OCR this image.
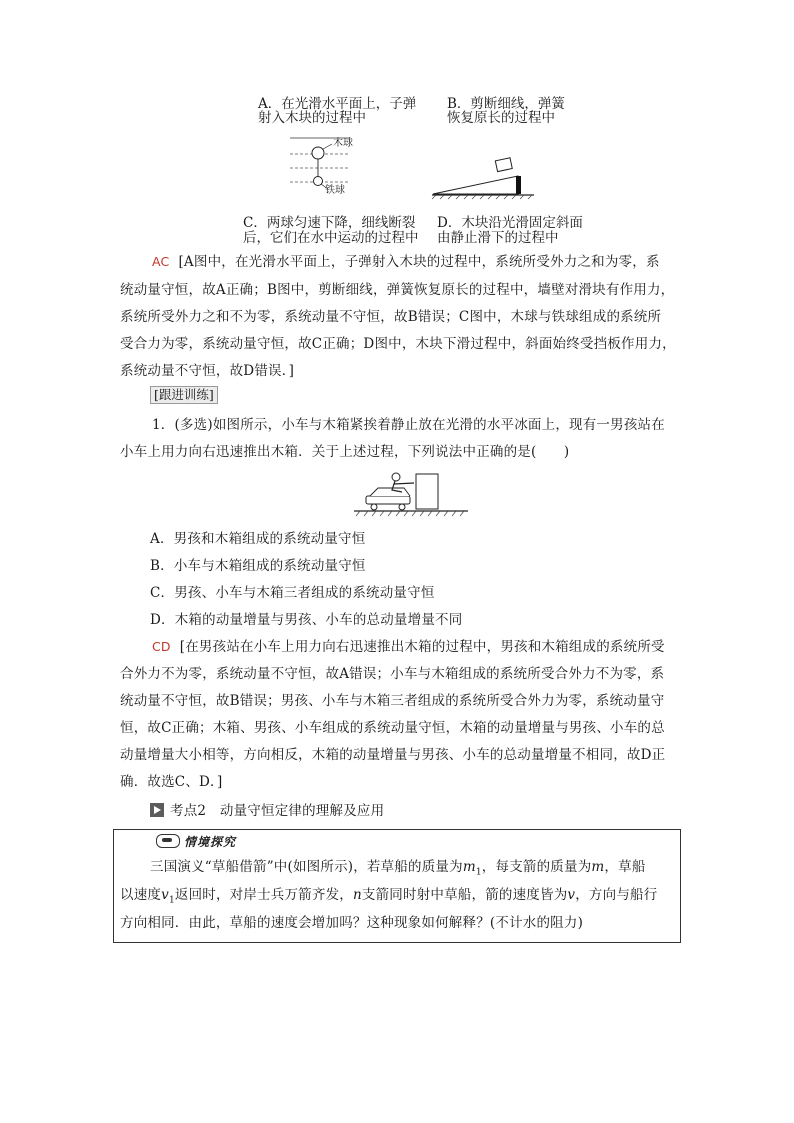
A．在光滑水平面上，子弹
射入木块的过程中
B．剪断细线，弹簧
恢复原长的过程中
木球
铁球
C．两球匀速下降，细线断裂
后，它们在水中运动的过程中
D．木块沿光滑固定斜面
由静止滑下的过程中
AC [A图中，在光滑水平面上，子弹射入木块的过程中，系统所受外力之和为零，系
统动量守恒，故A正确；B图中，剪断细线，弹簧恢复原长的过程中，墙壁对滑块有作用力，
系统所受外力之和不为零，系统动量不守恒，故B错误；C图中，木球与铁球组成的系统所
受合力为零，系统动量守恒，故C正确；D图中，木块下滑过程中，斜面始终受挡板作用力，
系统动量不守恒，故D错误．]
[跟进训练]
1．(多选)如图所示，小车与木箱紧挨着静止放在光滑的水平冰面上，现有一男孩站在
小车上用力向右迅速推出木箱．关于上述过程，下列说法中正确的是(　　)
A．男孩和木箱组成的系统动量守恒
B．小车与木箱组成的系统动量守恒
C．男孩、小车与木箱三者组成的系统动量守恒
D．木箱的动量增量与男孩、小车的总动量增量不同
CD [在男孩站在小车上用力向右迅速推出木箱的过程中，男孩和木箱组成的系统所受
合外力不为零，系统动量不守恒，故A错误；小车与木箱组成的系统所受合外力不为零，系
统动量不守恒，故B错误；男孩、小车与木箱三者组成的系统所受合外力为零，系统动量守
恒，故C正确；木箱、男孩、小车组成的系统动量守恒，木箱的动量增量与男孩、小车的总
动量增量大小相等，方向相反，木箱的动量增量与男孩、小车的总动量增量不相同，故D正
确．故选C、D．]
考点2　动量守恒定律的理解及应用
情境探究
三国演义“草船借箭”中(如图所示)，若草船的质量为$m_1$，每支箭的质量为m，草船
以速度$v_1$返回时，对岸士兵万箭齐发，n支箭同时射中草船，箭的速度皆为v，方向与船行
方向相同．由此，草船的速度会增加吗？这种现象如何解释？(不计水的阻力)
